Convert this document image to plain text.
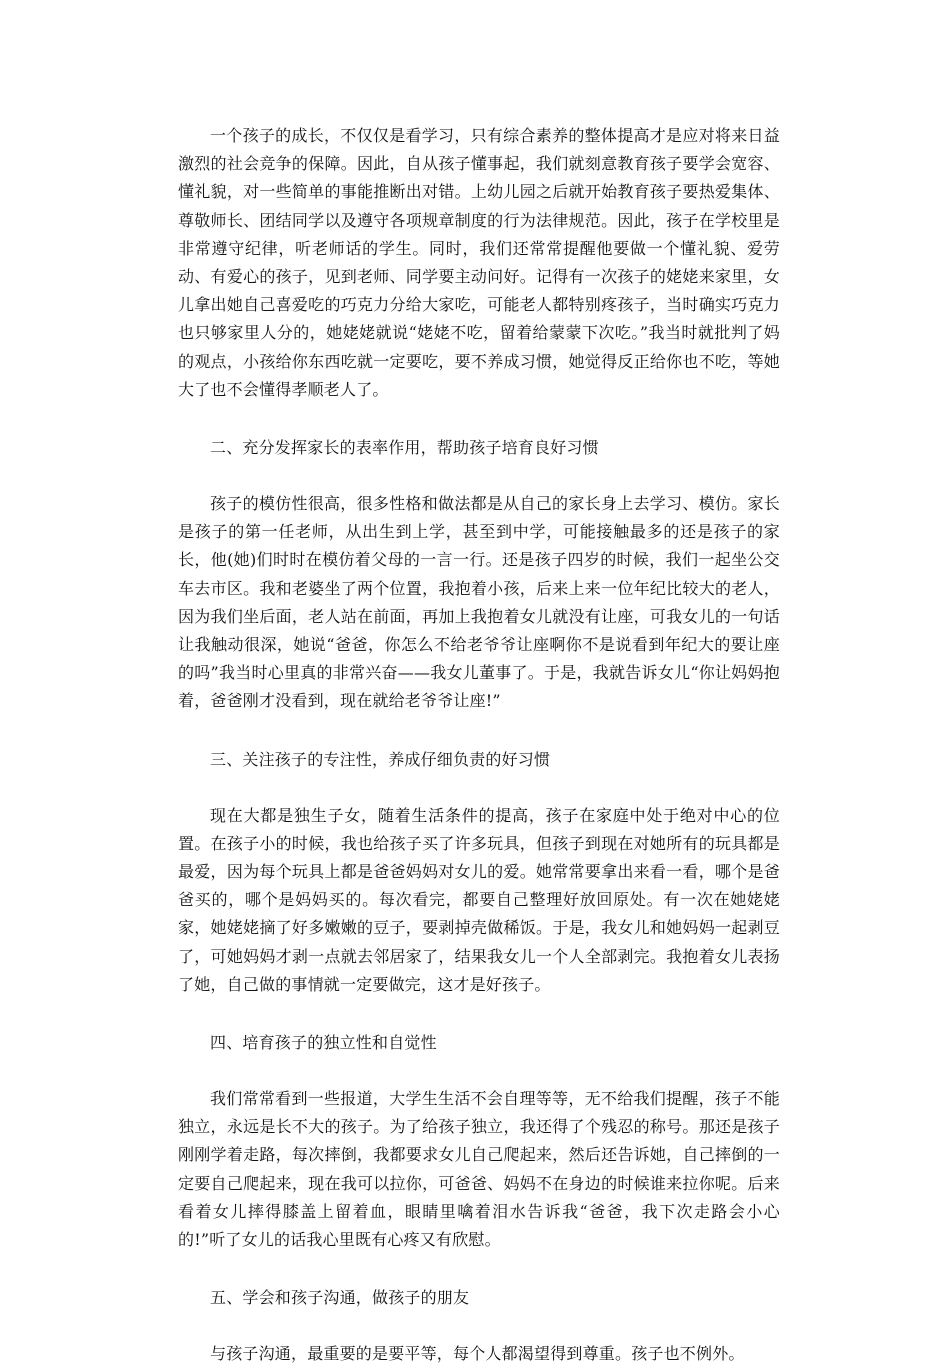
一个孩子的成长，不仅仅是看学习，只有综合素养的整体提高才是应对将来日益激烈的社会竞争的保障。因此，自从孩子懂事起，我们就刻意教育孩子要学会宽容、懂礼貌，对一些简单的事能推断出对错。上幼儿园之后就开始教育孩子要热爱集体、尊敬师长、团结同学以及遵守各项规章制度的行为法律规范。因此，孩子在学校里是非常遵守纪律，听老师话的学生。同时，我们还常常提醒他要做一个懂礼貌、爱劳动、有爱心的孩子，见到老师、同学要主动问好。记得有一次孩子的姥姥来家里，女儿拿出她自己喜爱吃的巧克力分给大家吃，可能老人都特别疼孩子，当时确实巧克力也只够家里人分的，她姥姥就说“姥姥不吃，留着给蒙蒙下次吃。”我当时就批判了妈的观点，小孩给你东西吃就一定要吃，要不养成习惯，她觉得反正给你也不吃，等她大了也不会懂得孝顺老人了。

二、充分发挥家长的表率作用，帮助孩子培育良好习惯

孩子的模仿性很高，很多性格和做法都是从自己的家长身上去学习、模仿。家长是孩子的第一任老师，从出生到上学，甚至到中学，可能接触最多的还是孩子的家长，他(她)们时时在模仿着父母的一言一行。还是孩子四岁的时候，我们一起坐公交车去市区。我和老婆坐了两个位置，我抱着小孩，后来上来一位年纪比较大的老人，因为我们坐后面，老人站在前面，再加上我抱着女儿就没有让座，可我女儿的一句话让我触动很深，她说“爸爸，你怎么不给老爷爷让座啊你不是说看到年纪大的要让座的吗”我当时心里真的非常兴奋——我女儿董事了。于是，我就告诉女儿“你让妈妈抱着，爸爸刚才没看到，现在就给老爷爷让座!”

三、关注孩子的专注性，养成仔细负责的好习惯

现在大都是独生子女，随着生活条件的提高，孩子在家庭中处于绝对中心的位置。在孩子小的时候，我也给孩子买了许多玩具，但孩子到现在对她所有的玩具都是最爱，因为每个玩具上都是爸爸妈妈对女儿的爱。她常常要拿出来看一看，哪个是爸爸买的，哪个是妈妈买的。每次看完，都要自己整理好放回原处。有一次在她姥姥家，她姥姥摘了好多嫩嫩的豆子，要剥掉壳做稀饭。于是，我女儿和她妈妈一起剥豆了，可她妈妈才剥一点就去邻居家了，结果我女儿一个人全部剥完。我抱着女儿表扬了她，自己做的事情就一定要做完，这才是好孩子。

四、培育孩子的独立性和自觉性

我们常常看到一些报道，大学生生活不会自理等等，无不给我们提醒，孩子不能独立，永远是长不大的孩子。为了给孩子独立，我还得了个残忍的称号。那还是孩子刚刚学着走路，每次摔倒，我都要求女儿自己爬起来，然后还告诉她，自己摔倒的一定要自己爬起来，现在我可以拉你，可爸爸、妈妈不在身边的时候谁来拉你呢。后来看着女儿摔得膝盖上留着血，眼睛里噙着泪水告诉我“爸爸，我下次走路会小心的!”听了女儿的话我心里既有心疼又有欣慰。

五、学会和孩子沟通，做孩子的朋友

与孩子沟通，最重要的是要平等，每个人都渴望得到尊重。孩子也不例外。
